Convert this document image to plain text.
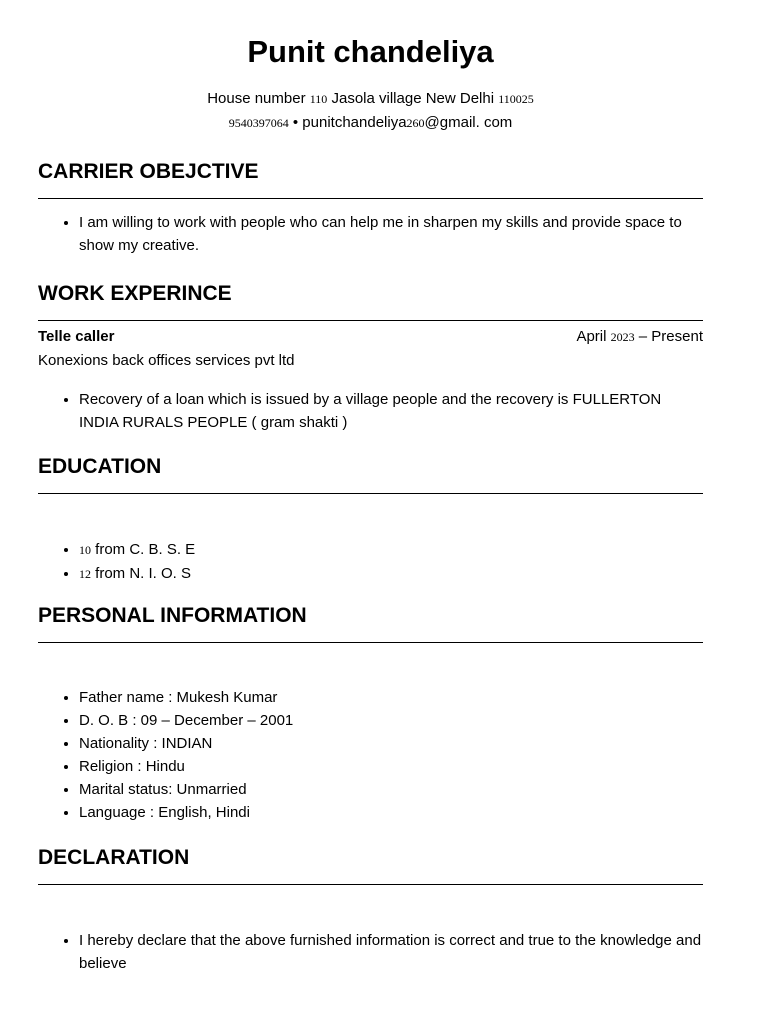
Punit chandeliya
House number 110 Jasola village New Delhi 110025
9540397064 • punitchandeliya260@gmail. com
CARRIER OBEJCTIVE
• I am willing to work with people who can help me in sharpen my skills and provide space to show my creative.
WORK EXPERINCE
Telle caller	April 2023 – Present
Konexions back offices services pvt ltd
• Recovery of a loan which is issued by a village people and the recovery is FULLERTON INDIA RURALS PEOPLE ( gram shakti )
EDUCATION
• 10 from C. B. S. E
• 12 from N. I. O. S
PERSONAL INFORMATION
• Father name : Mukesh Kumar
• D. O. B : 09 – December – 2001
• Nationality : INDIAN
• Religion : Hindu
• Marital status: Unmarried
• Language : English, Hindi
DECLARATION
• I hereby declare that the above furnished information is correct and true to the knowledge and believe
